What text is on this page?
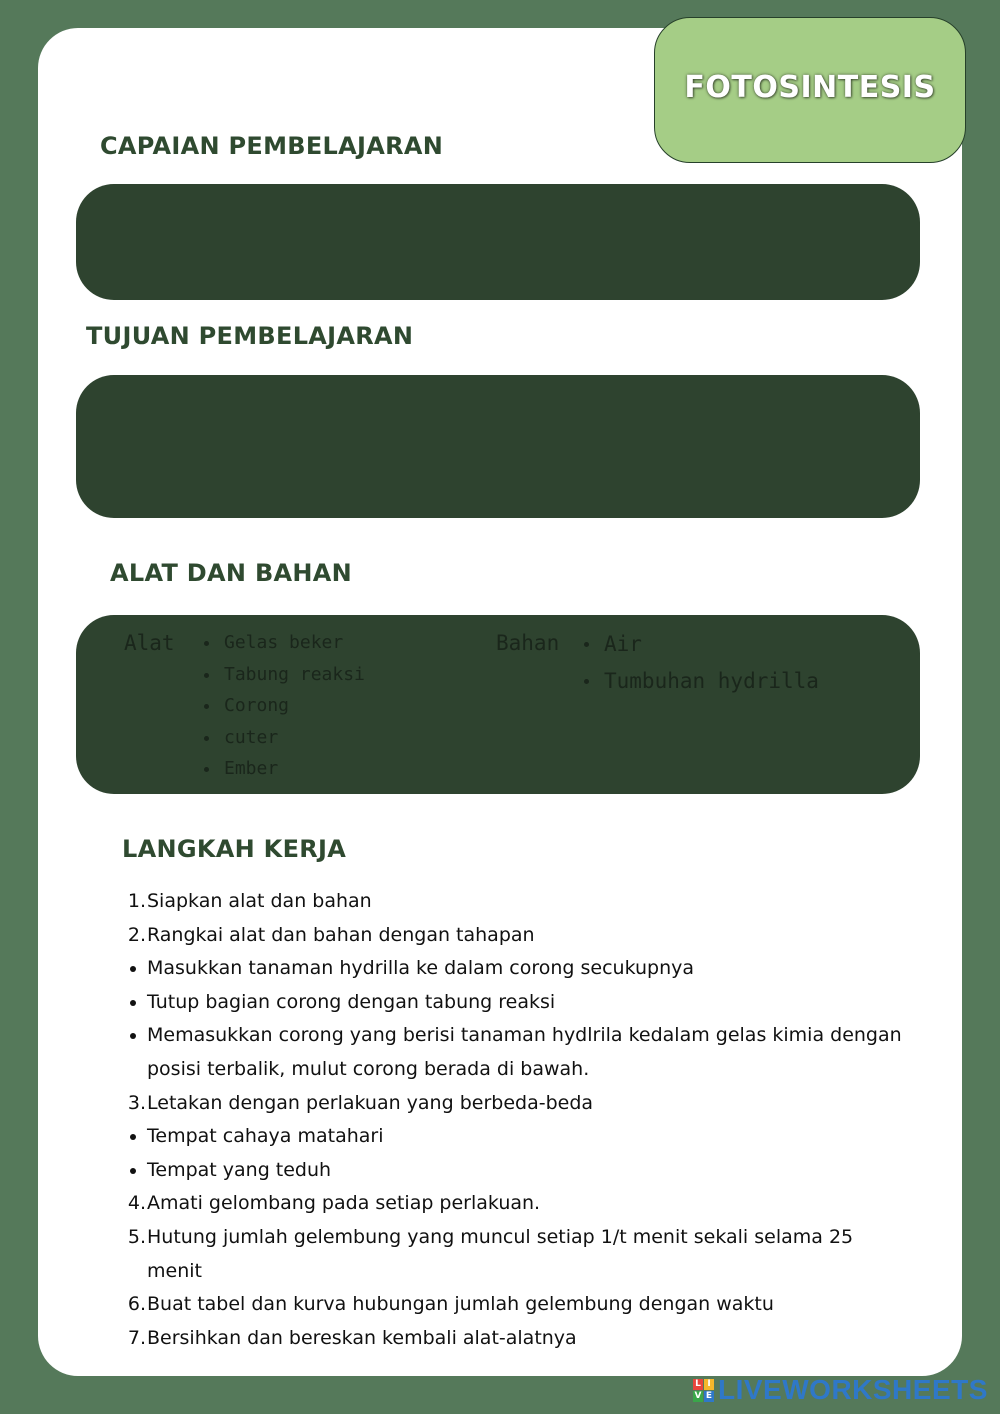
FOTOSINTESIS
CAPAIAN PEMBELAJARAN
TUJUAN PEMBELAJARAN
ALAT DAN BAHAN
Alat	Gelas beker
Tabung reaksi
Corong
cuter
Ember
Bahan	Air
Tumbuhan hydrilla
LANGKAH KERJA
1. Siapkan alat dan bahan
2. Rangkai alat dan bahan dengan tahapan
Masukkan tanaman hydrilla ke dalam corong secukupnya
Tutup bagian corong dengan tabung reaksi
Memasukkan corong yang berisi tanaman hydlrila kedalam gelas kimia dengan posisi terbalik, mulut corong berada di bawah.
3. Letakan dengan perlakuan yang berbeda-beda
Tempat cahaya matahari
Tempat yang teduh
4. Amati gelombang pada setiap perlakuan.
5. Hutung jumlah gelembung yang muncul setiap 1/t menit sekali selama 25 menit
6. Buat tabel dan kurva hubungan jumlah gelembung dengan waktu
7. Bersihkan dan bereskan kembali alat-alatnya
L I
V E LIVEWORKSHEETS
